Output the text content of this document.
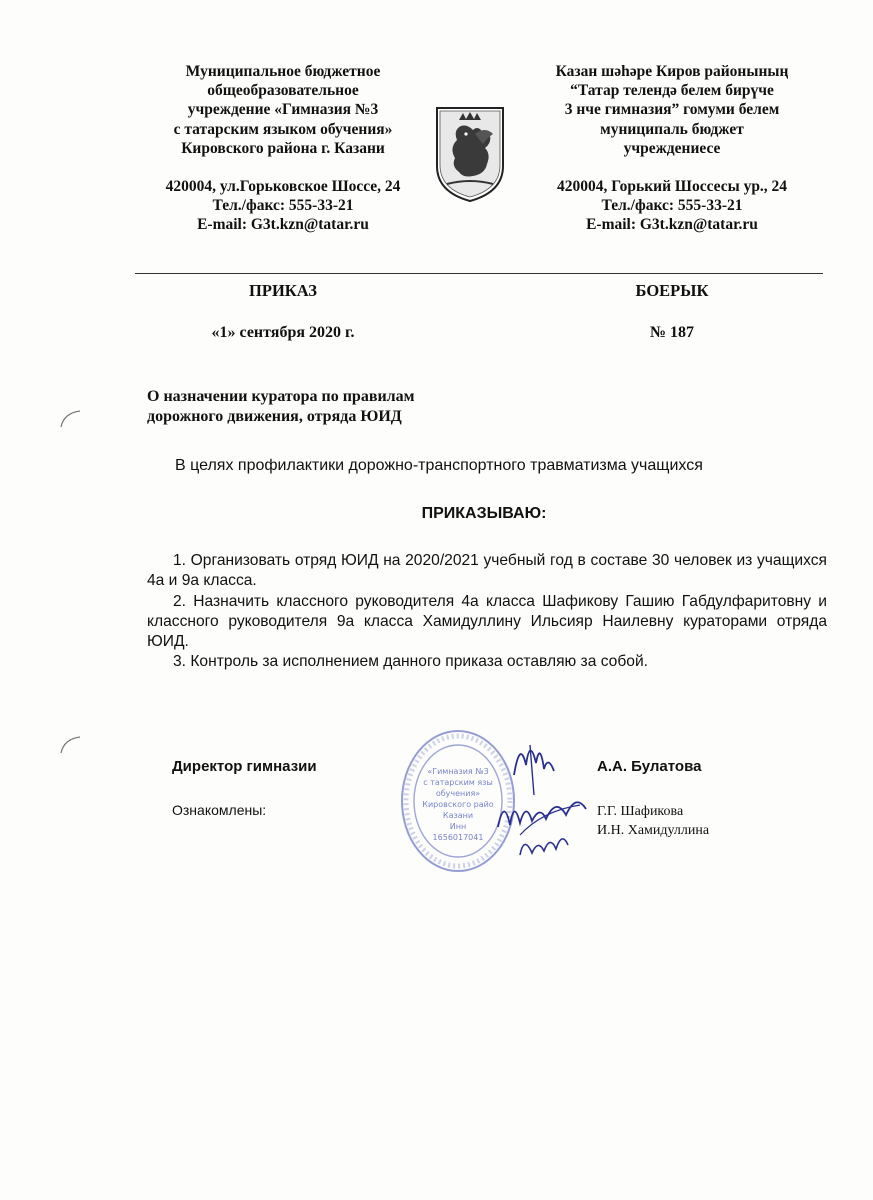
Муниципальное бюджетное
общеобразовательное
учреждение «Гимназия №3
с татарским языком обучения»
Кировского района г. Казани
420004, ул.Горьковское Шоссе, 24
Тел./факс: 555-33-21
E-mail: G3t.kzn@tatar.ru
Казан шәһәре Киров районының
“Татар телендә белем бирүче
3 нче гимназия” гомуми белем
муниципаль бюджет
учреждениесе
420004, Горький Шоссесы ур., 24
Тел./факс: 555-33-21
E-mail: G3t.kzn@tatar.ru
ПРИКАЗ	БОЕРЫК
«1» сентября 2020 г.	№ 187
О назначении куратора по правилам
дорожного движения, отряда ЮИД
В целях профилактики дорожно-транспортного травматизма учащихся
ПРИКАЗЫВАЮ:
1. Организовать отряд ЮИД на 2020/2021 учебный год в составе 30 человек из учащихся 4а и 9а класса.
2. Назначить классного руководителя 4а класса Шафикову Гашию Габдулфаритовну и классного руководителя 9а класса Хамидуллину Ильсияр Наилевну кураторами отряда ЮИД.
3. Контроль за исполнением данного приказа оставляю за собой.
«Гимназия №3
с татарским язы
обучения»
Кировского райо
Казани
Инн
1656017041
Директор гимназии	А.А. Булатова
Ознакомлены:	Г.Г. Шафикова
И.Н. Хамидуллина
